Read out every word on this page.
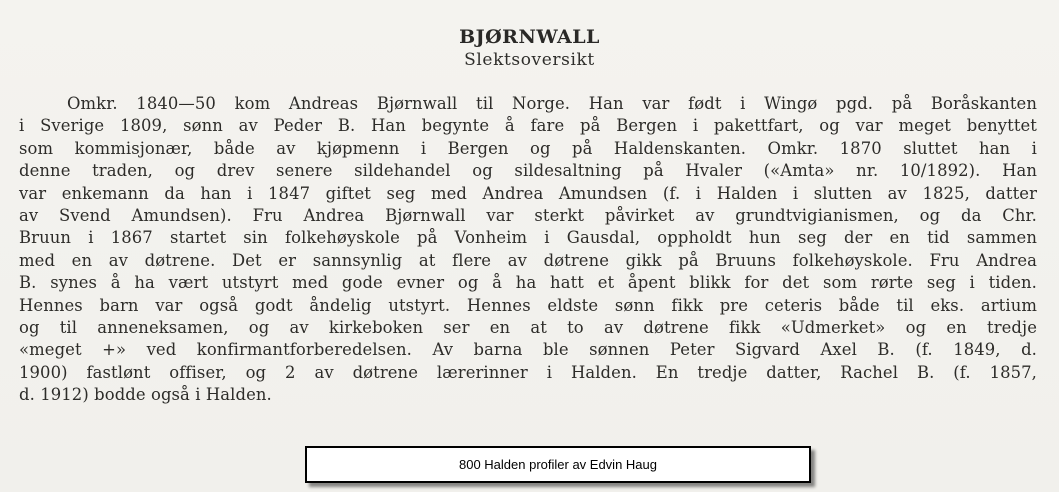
BJØRNWALL
Slektsoversikt
Omkr. 1840—50 kom Andreas Bjørnwall til Norge. Han var født i Wingø pgd. på Boråskanten
i Sverige 1809, sønn av Peder B. Han begynte å fare på Bergen i pakettfart, og var meget benyttet
som kommisjonær, både av kjøpmenn i Bergen og på Haldenskanten. Omkr. 1870 sluttet han i
denne traden, og drev senere sildehandel og sildesaltning på Hvaler («Amta» nr. 10/1892). Han
var enkemann da han i 1847 giftet seg med Andrea Amundsen (f. i Halden i slutten av 1825, datter
av Svend Amundsen). Fru Andrea Bjørnwall var sterkt påvirket av grundtvigianismen, og da Chr.
Bruun i 1867 startet sin folkehøyskole på Vonheim i Gausdal, oppholdt hun seg der en tid sammen
med en av døtrene. Det er sannsynlig at flere av døtrene gikk på Bruuns folkehøyskole. Fru Andrea
B. synes å ha vært utstyrt med gode evner og å ha hatt et åpent blikk for det som rørte seg i tiden.
Hennes barn var også godt åndelig utstyrt. Hennes eldste sønn fikk pre ceteris både til eks. artium
og til anneneksamen, og av kirkeboken ser en at to av døtrene fikk «Udmerket» og en tredje
«meget +» ved konfirmantforberedelsen. Av barna ble sønnen Peter Sigvard Axel B. (f. 1849, d.
1900) fastlønt offiser, og 2 av døtrene lærerinner i Halden. En tredje datter, Rachel B. (f. 1857,
d. 1912) bodde også i Halden.
800 Halden profiler av Edvin Haug
